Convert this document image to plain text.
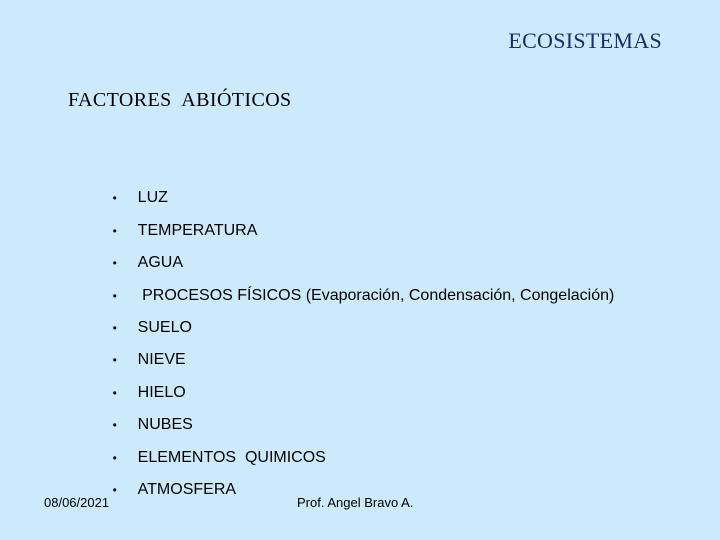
ECOSISTEMAS
FACTORES  ABIÓTICOS

• LUZ

• TEMPERATURA

• AGUA

• PROCESOS FÍSICOS (Evaporación, Condensación, Congelación)

• SUELO

• NIEVE

• HIELO

• NUBES

• ELEMENTOS  QUIMICOS

• ATMOSFERA

08/06/2021	Prof. Angel Bravo A.
